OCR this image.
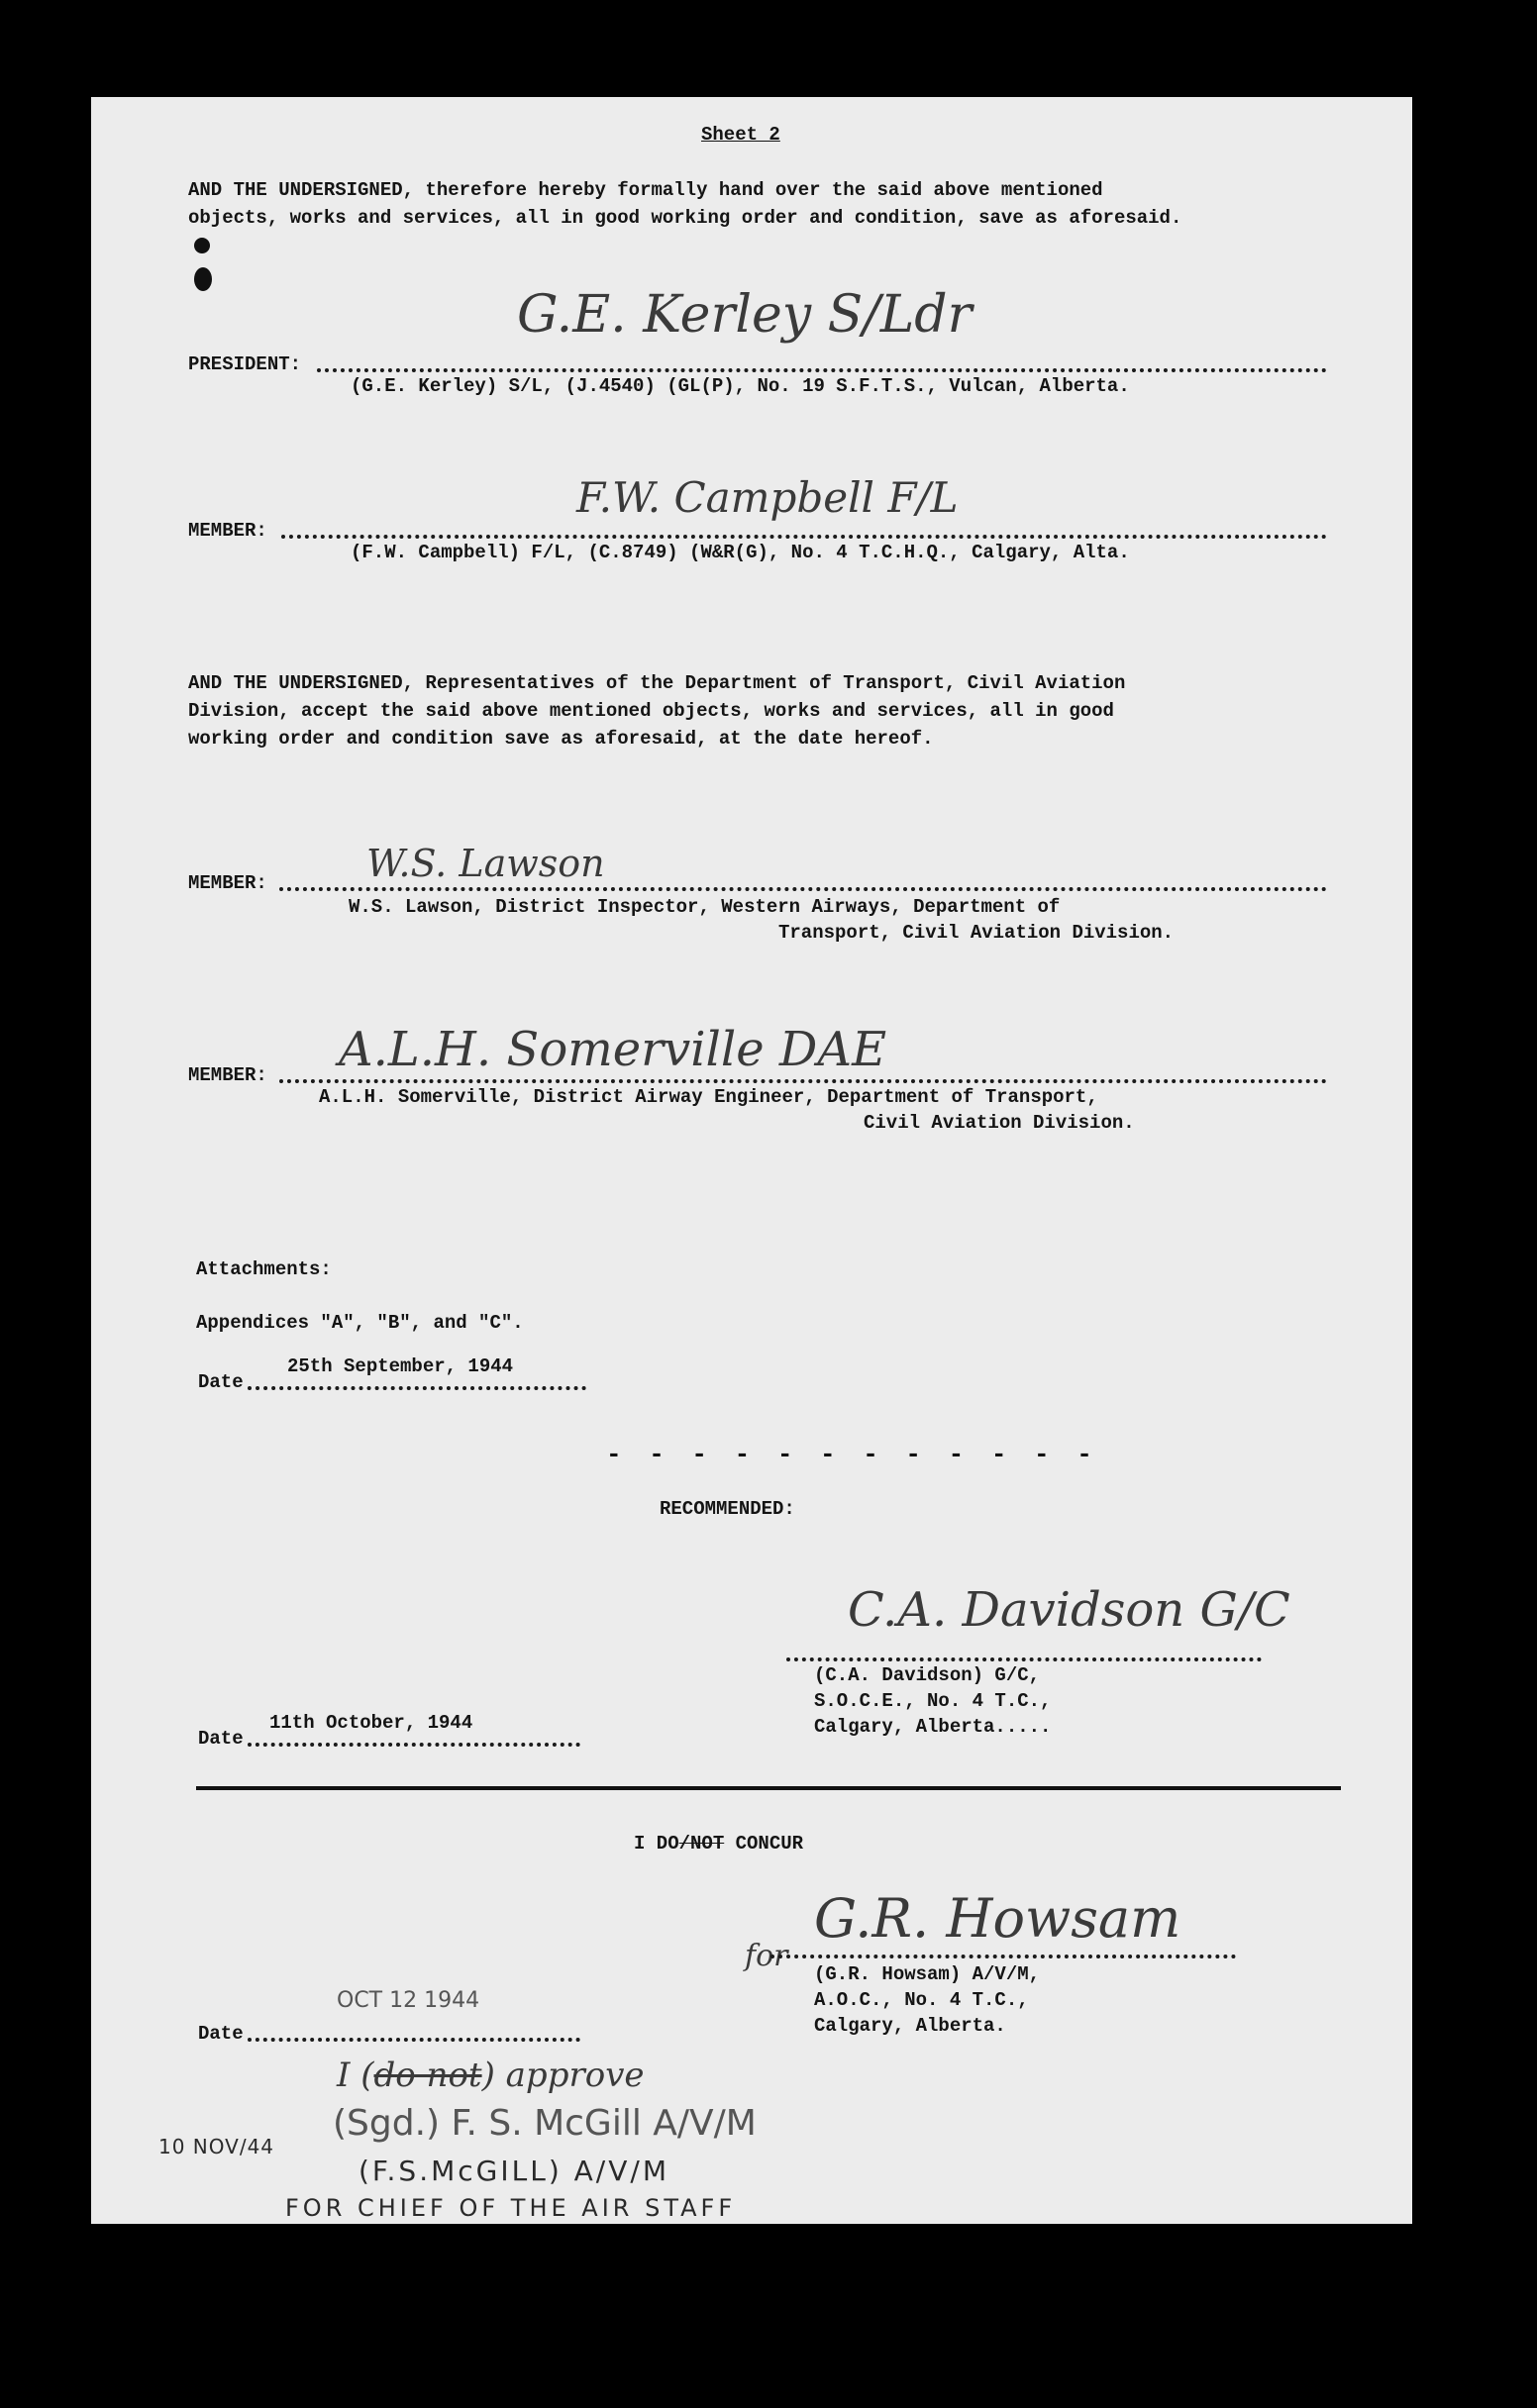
Sheet 2
AND THE UNDERSIGNED, therefore hereby formally hand over the said above mentioned
objects, works and services, all in good working order and condition, save as aforesaid.
G.E. Kerley S/Ldr
PRESIDENT:
(G.E. Kerley) S/L, (J.4540) (GL(P), No. 19 S.F.T.S., Vulcan, Alberta.
F.W. Campbell F/L
MEMBER:
(F.W. Campbell) F/L, (C.8749) (W&R(G), No. 4 T.C.H.Q., Calgary, Alta.
AND THE UNDERSIGNED, Representatives of the Department of Transport, Civil Aviation
Division, accept the said above mentioned objects, works and services, all in good
working order and condition save as aforesaid, at the date hereof.
W.S. Lawson
MEMBER:
W.S. Lawson, District Inspector, Western Airways, Department of
Transport, Civil Aviation Division.
A.L.H. Somerville DAE
MEMBER:
A.L.H. Somerville, District Airway Engineer, Department of Transport,
Civil Aviation Division.
Attachments:
Appendices "A", "B", and "C".
25th September, 1944
Date
- - - - - - - - - - - -
RECOMMENDED:
C.A. Davidson G/C
(C.A. Davidson) G/C,
S.O.C.E., No. 4 T.C.,
Calgary, Alberta.....
11th October, 1944
Date
I DO/NOT CONCUR
for
G.R. Howsam
(G.R. Howsam) A/V/M,
A.O.C., No. 4 T.C.,
Calgary, Alberta.
OCT 12 1944
Date
I (do not) approve
(Sgd.) F. S. McGill A/V/M
10 NOV/44
(F.S.McGILL) A/V/M
FOR CHIEF OF THE AIR STAFF
